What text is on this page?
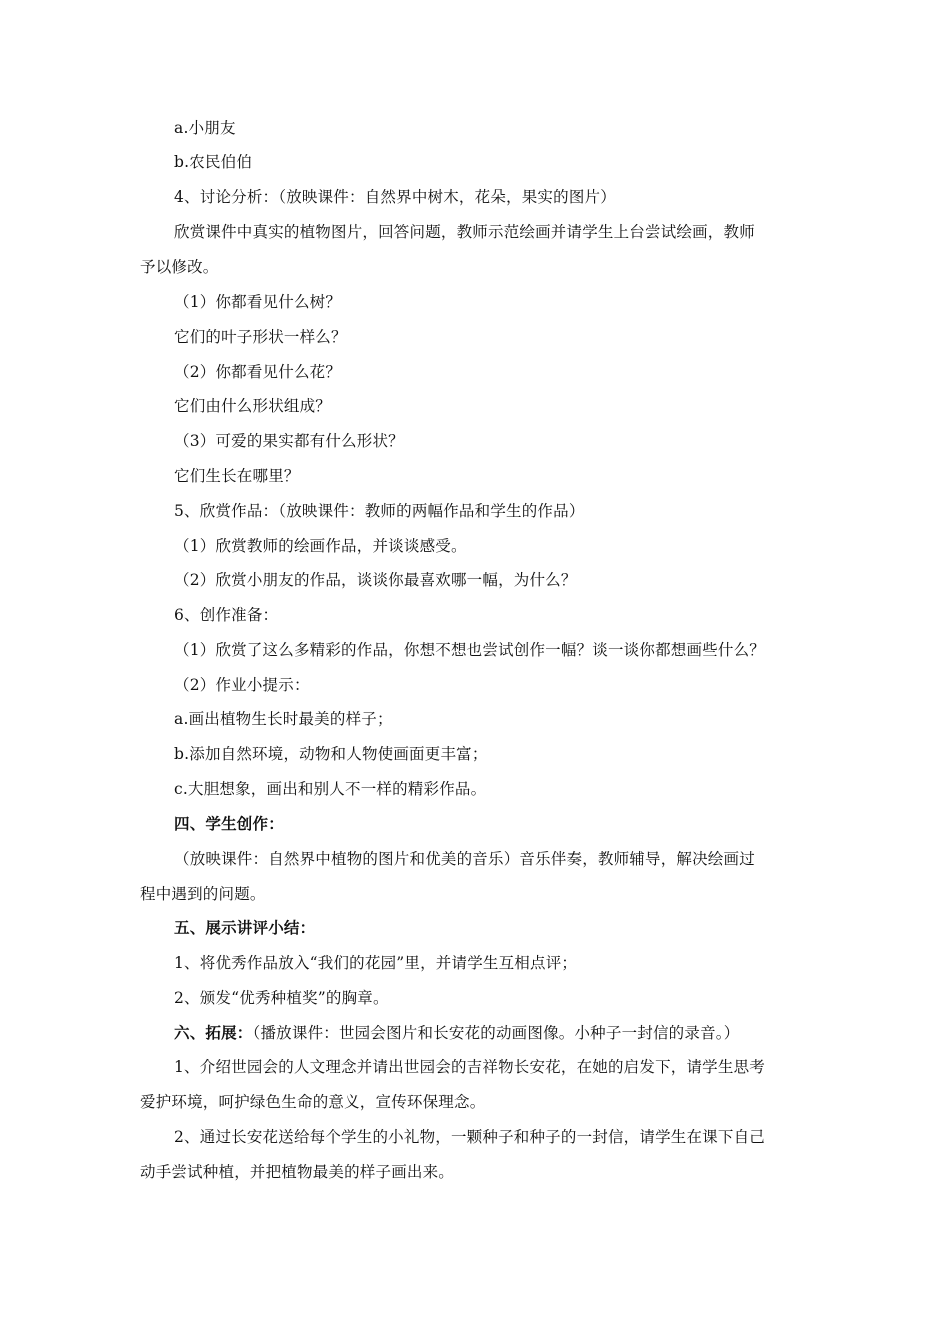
a.小朋友
b.农民伯伯
4、讨论分析：（放映课件：自然界中树木，花朵，果实的图片）
欣赏课件中真实的植物图片，回答问题，教师示范绘画并请学生上台尝试绘画，教师
予以修改。
（1）你都看见什么树？
它们的叶子形状一样么？
（2）你都看见什么花？
它们由什么形状组成？
（3）可爱的果实都有什么形状？
它们生长在哪里？
5、欣赏作品：（放映课件：教师的两幅作品和学生的作品）
（1）欣赏教师的绘画作品，并谈谈感受。
（2）欣赏小朋友的作品，谈谈你最喜欢哪一幅，为什么？
6、创作准备：
（1）欣赏了这么多精彩的作品，你想不想也尝试创作一幅？谈一谈你都想画些什么？
（2）作业小提示：
a.画出植物生长时最美的样子；
b.添加自然环境，动物和人物使画面更丰富；
c.大胆想象，画出和别人不一样的精彩作品。
四、学生创作：
（放映课件：自然界中植物的图片和优美的音乐）音乐伴奏，教师辅导，解决绘画过
程中遇到的问题。
五、展示讲评小结：
1、将优秀作品放入“我们的花园”里，并请学生互相点评；
2、颁发“优秀种植奖”的胸章。
六、拓展：（播放课件：世园会图片和长安花的动画图像。小种子一封信的录音。）
1、介绍世园会的人文理念并请出世园会的吉祥物长安花，在她的启发下，请学生思考
爱护环境，呵护绿色生命的意义，宣传环保理念。
2、通过长安花送给每个学生的小礼物，一颗种子和种子的一封信，请学生在课下自己
动手尝试种植，并把植物最美的样子画出来。
